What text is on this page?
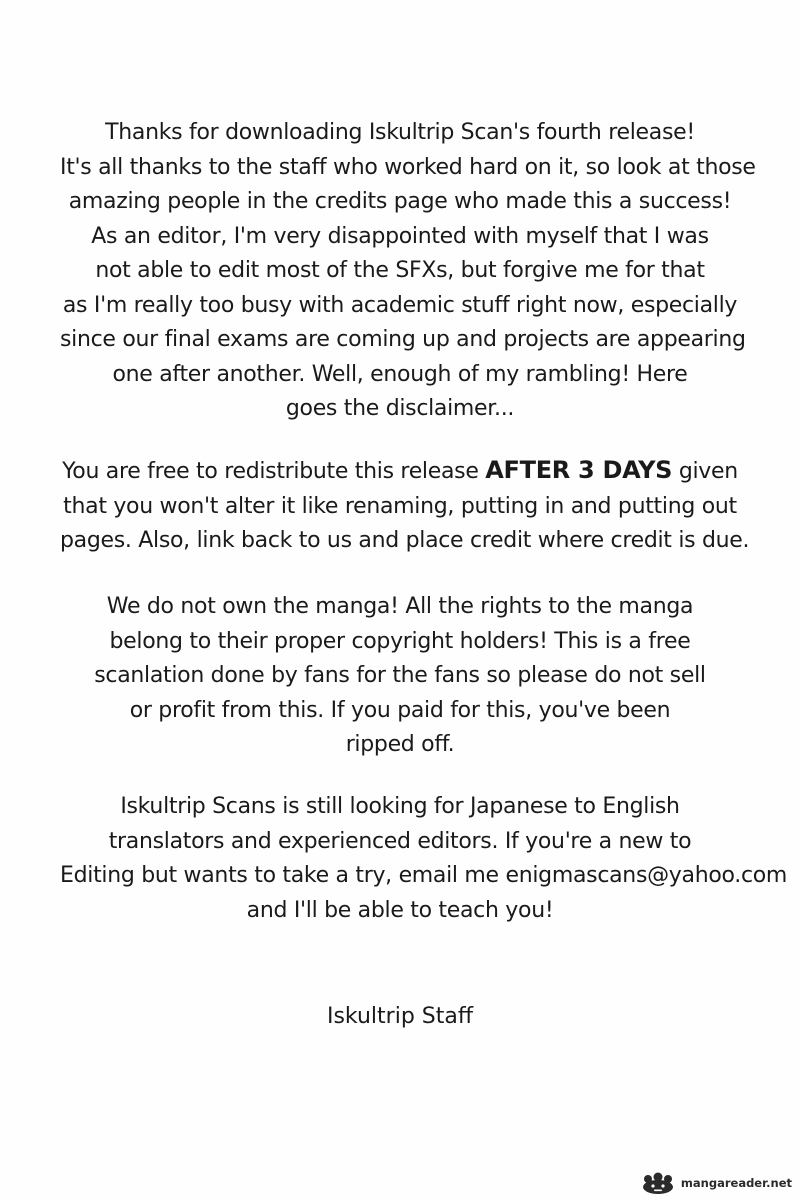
Thanks for downloading Iskultrip Scan's fourth release!
It's all thanks to the staff who worked hard on it, so look at those
amazing people in the credits page who made this a success!
As an editor, I'm very disappointed with myself that I was
not able to edit most of the SFXs, but forgive me for that
as I'm really too busy with academic stuff right now, especially
since our final exams are coming up and projects are appearing
one after another. Well, enough of my rambling! Here
goes the disclaimer...
You are free to redistribute this release AFTER 3 DAYS given
that you won't alter it like renaming, putting in and putting out
pages. Also, link back to us and place credit where credit is due.
We do not own the manga! All the rights to the manga
belong to their proper copyright holders! This is a free
scanlation done by fans for the fans so please do not sell
or profit from this. If you paid for this, you've been
ripped off.
Iskultrip Scans is still looking for Japanese to English
translators and experienced editors. If you're a new to
Editing but wants to take a try, email me enigmascans@yahoo.com
and I'll be able to teach you!

Iskultrip Staff

mangareader.net
